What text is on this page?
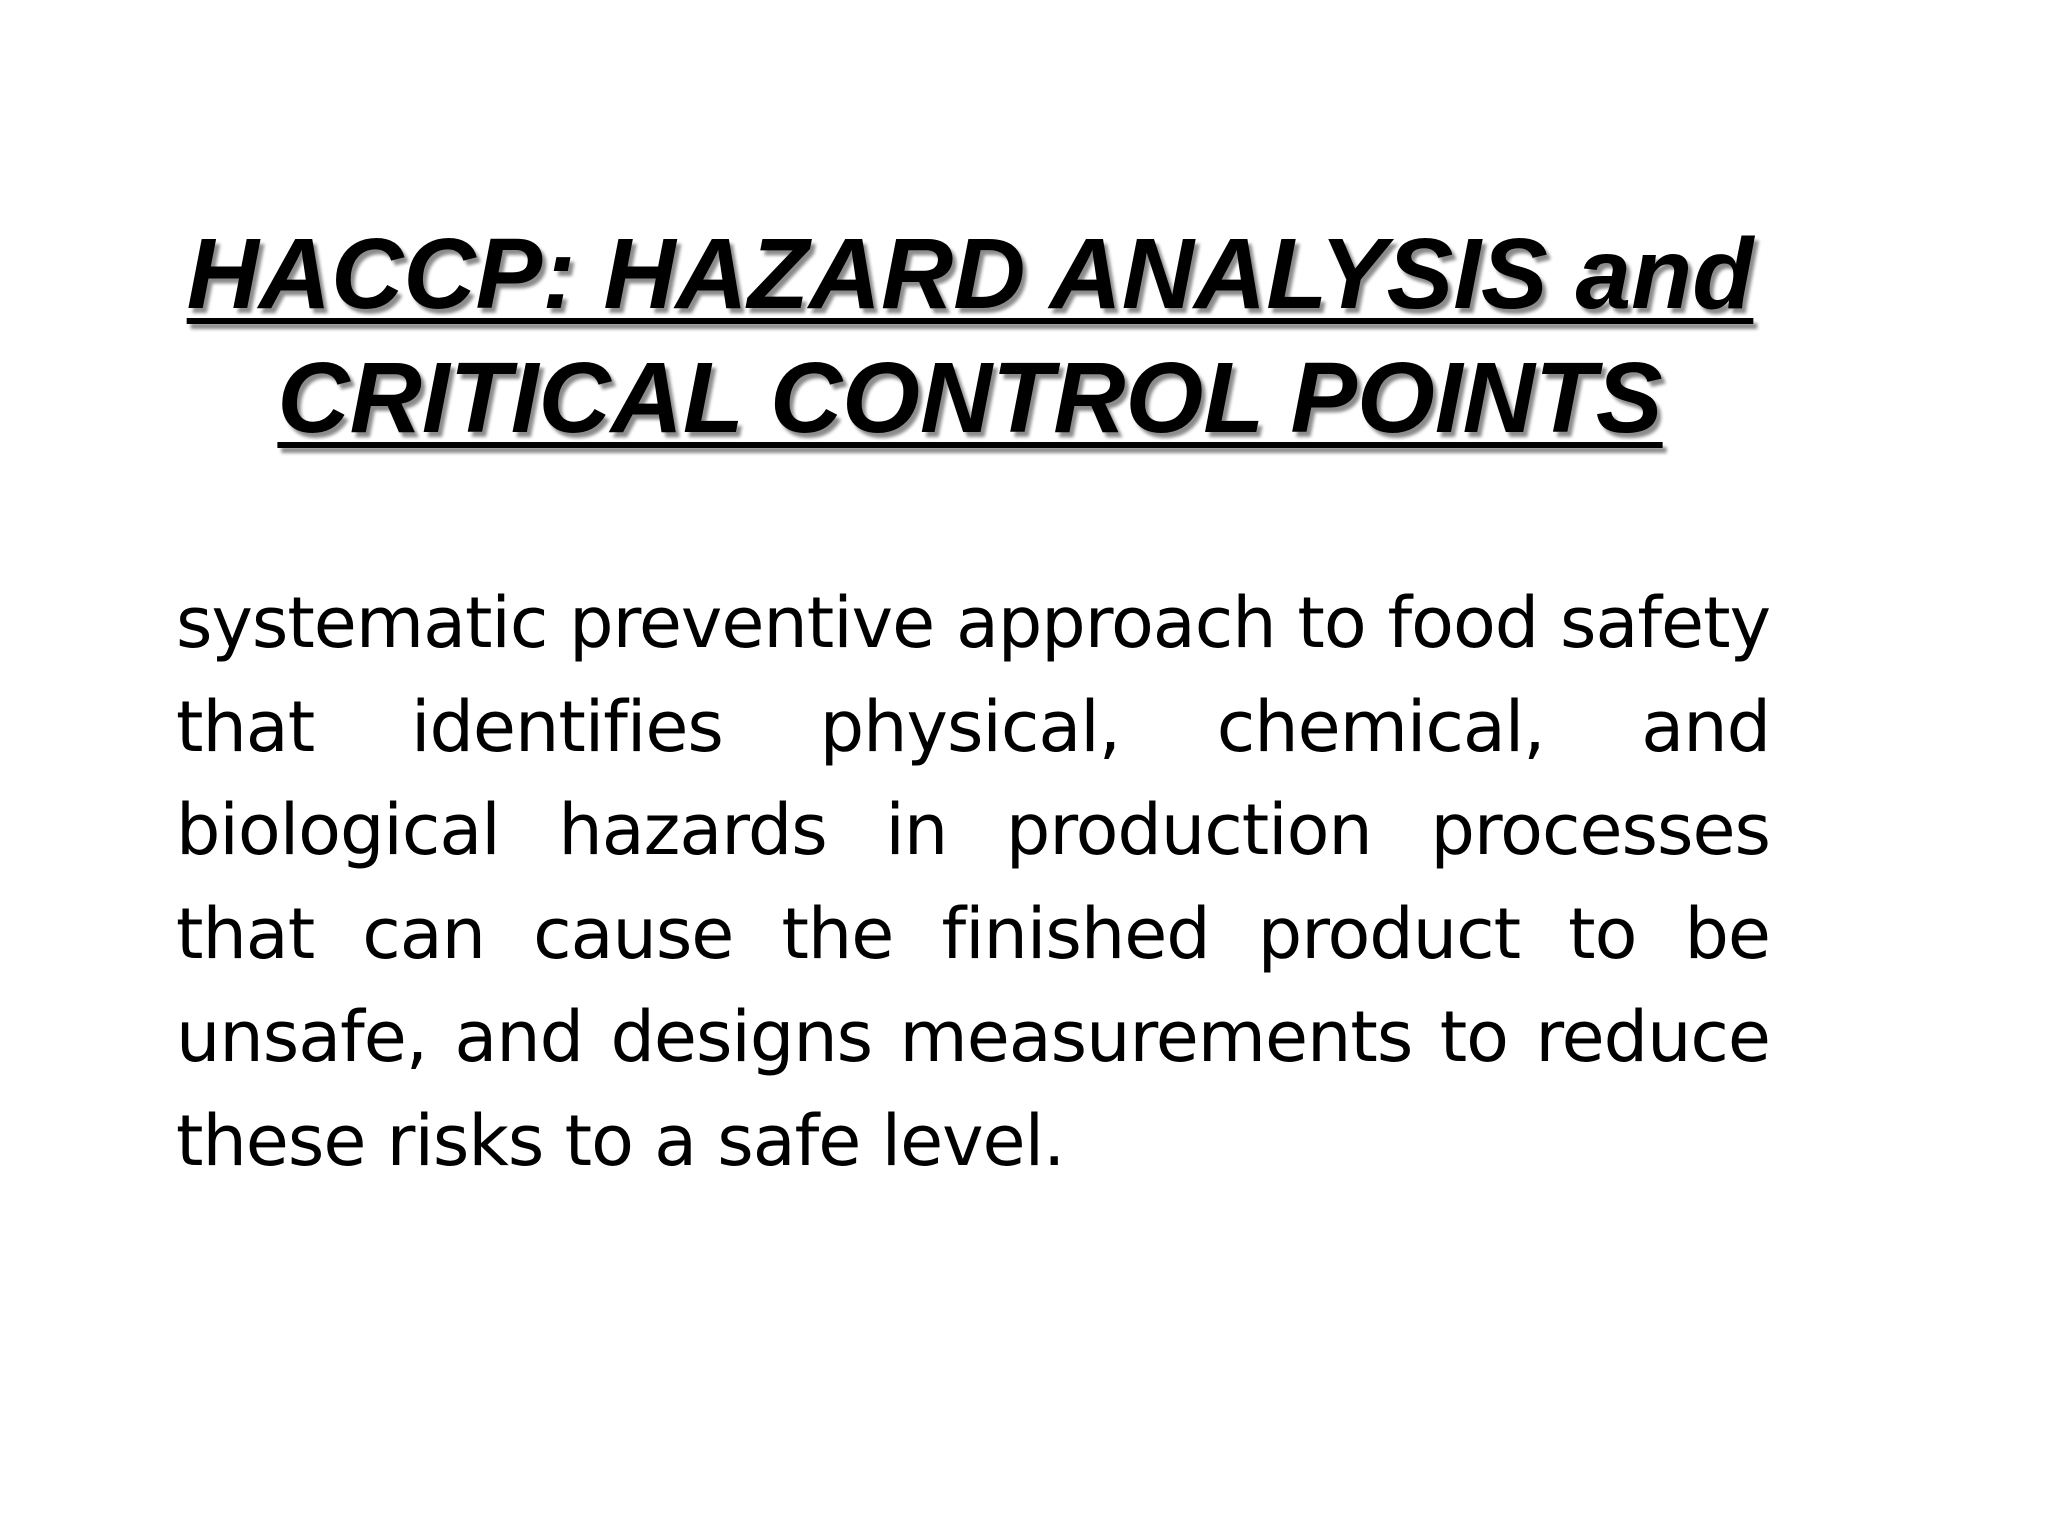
HACCP: HAZARD ANALYSIS and
CRITICAL CONTROL POINTS

systematic preventive approach to food safety that identifies physical, chemical, and biological hazards in production processes that can cause the finished product to be unsafe, and designs measurements to reduce these risks to a safe level.
